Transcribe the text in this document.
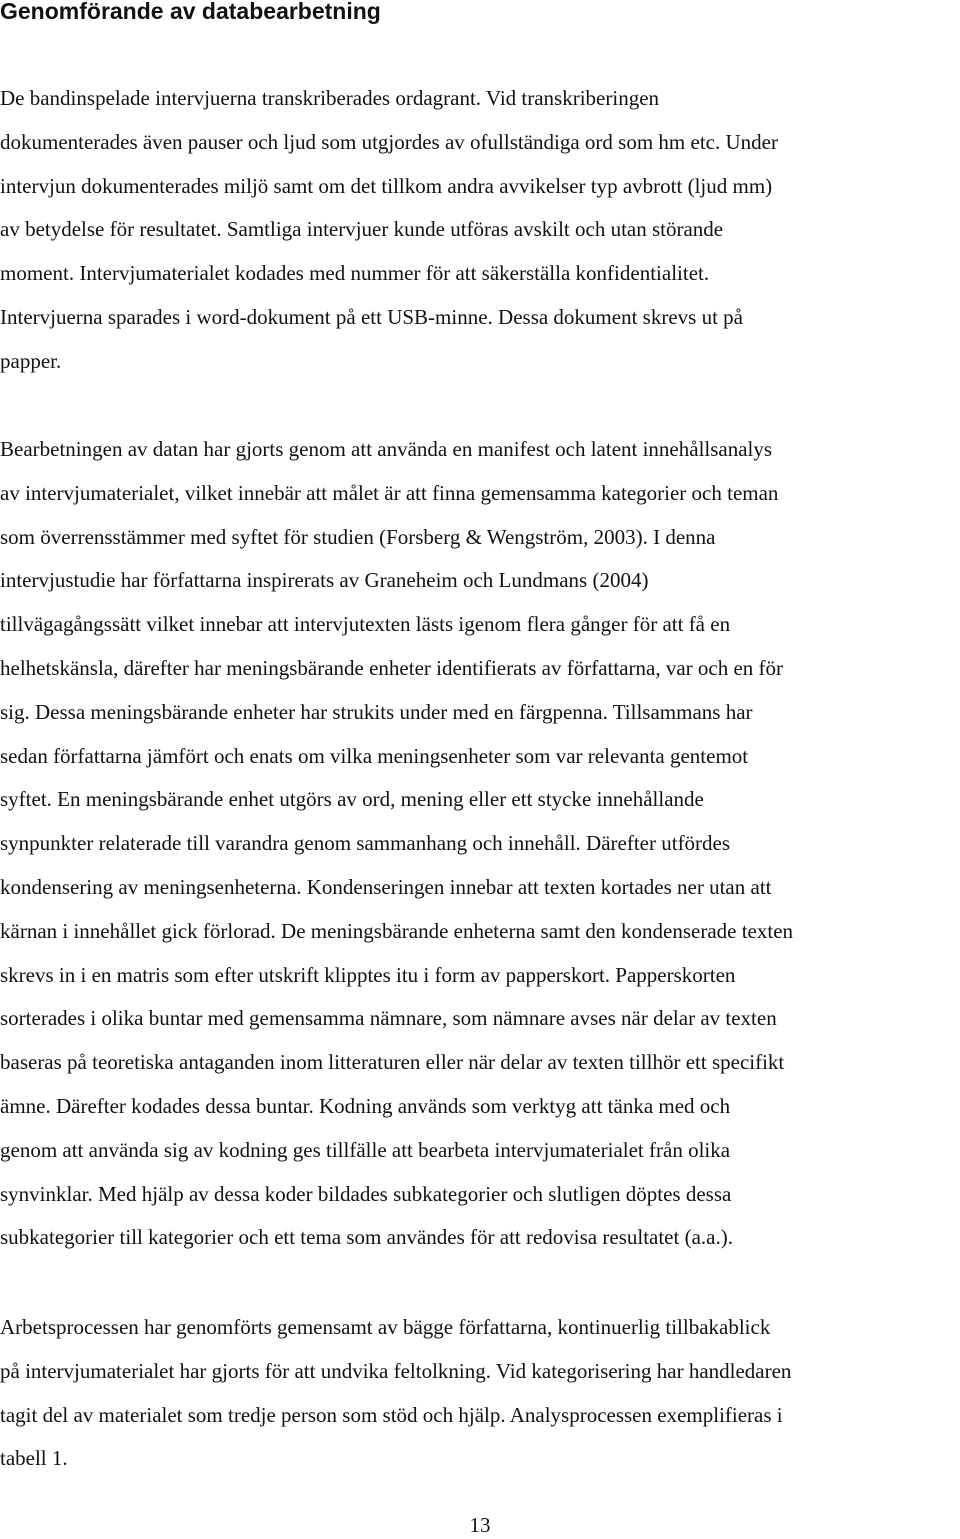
Genomförande av databearbetning

De bandinspelade intervjuerna transkriberades ordagrant. Vid transkriberingen
dokumenterades även pauser och ljud som utgjordes av ofullständiga ord som hm etc. Under
intervjun dokumenterades miljö samt om det tillkom andra avvikelser typ avbrott (ljud mm)
av betydelse för resultatet. Samtliga intervjuer kunde utföras avskilt och utan störande
moment. Intervjumaterialet kodades med nummer för att säkerställa konfidentialitet.
Intervjuerna sparades i word-dokument på ett USB-minne. Dessa dokument skrevs ut på
papper.

Bearbetningen av datan har gjorts genom att använda en manifest och latent innehållsanalys
av intervjumaterialet, vilket innebär att målet är att finna gemensamma kategorier och teman
som överrensstämmer med syftet för studien (Forsberg & Wengström, 2003). I denna
intervjustudie har författarna inspirerats av Graneheim och Lundmans (2004)
tillvägagångssätt vilket innebar att intervjutexten lästs igenom flera gånger för att få en
helhetskänsla, därefter har meningsbärande enheter identifierats av författarna, var och en för
sig. Dessa meningsbärande enheter har strukits under med en färgpenna. Tillsammans har
sedan författarna jämfört och enats om vilka meningsenheter som var relevanta gentemot
syftet. En meningsbärande enhet utgörs av ord, mening eller ett stycke innehållande
synpunkter relaterade till varandra genom sammanhang och innehåll. Därefter utfördes
kondensering av meningsenheterna. Kondenseringen innebar att texten kortades ner utan att
kärnan i innehållet gick förlorad. De meningsbärande enheterna samt den kondenserade texten
skrevs in i en matris som efter utskrift klipptes itu i form av papperskort. Papperskorten
sorterades i olika buntar med gemensamma nämnare, som nämnare avses när delar av texten
baseras på teoretiska antaganden inom litteraturen eller när delar av texten tillhör ett specifikt
ämne. Därefter kodades dessa buntar. Kodning används som verktyg att tänka med och
genom att använda sig av kodning ges tillfälle att bearbeta intervjumaterialet från olika
synvinklar. Med hjälp av dessa koder bildades subkategorier och slutligen döptes dessa
subkategorier till kategorier och ett tema som användes för att redovisa resultatet (a.a.).

Arbetsprocessen har genomförts gemensamt av bägge författarna, kontinuerlig tillbakablick
på intervjumaterialet har gjorts för att undvika feltolkning. Vid kategorisering har handledaren
tagit del av materialet som tredje person som stöd och hjälp. Analysprocessen exemplifieras i
tabell 1.

13
